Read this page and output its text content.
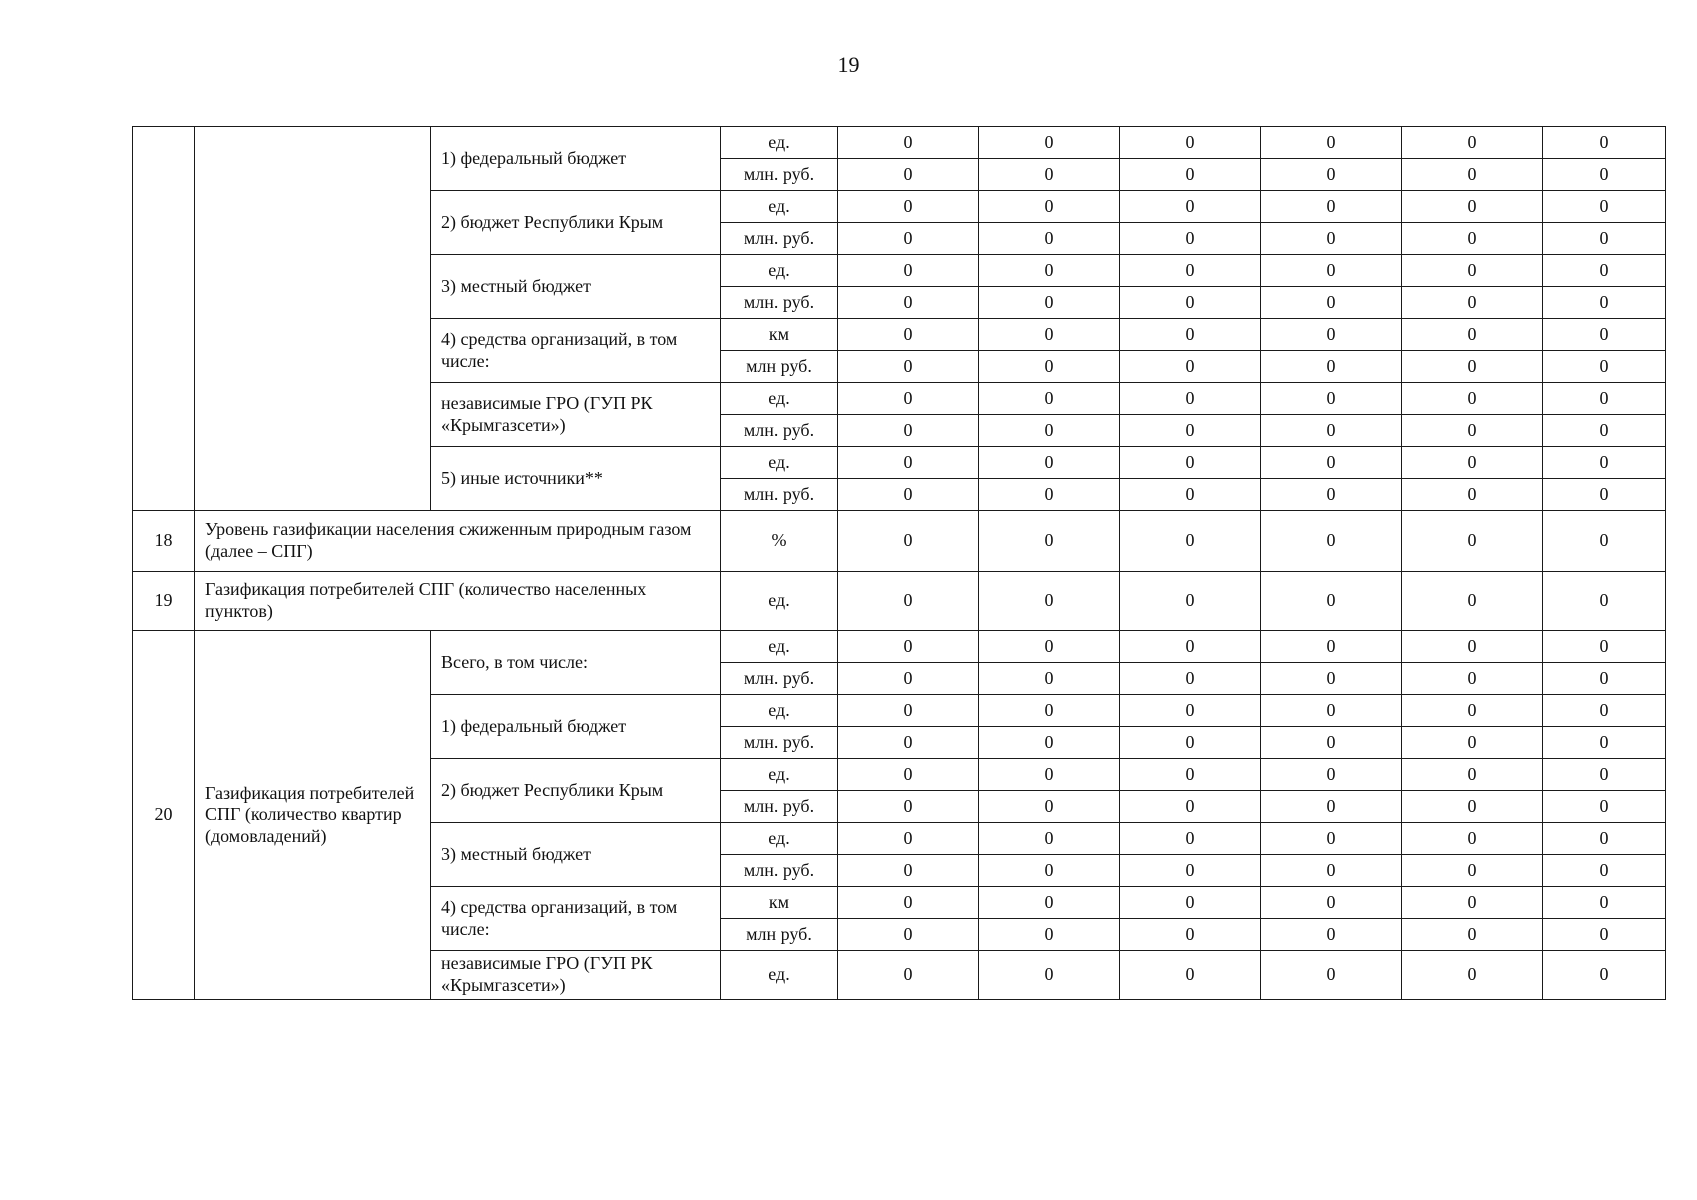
19
		1) федеральный бюджет	ед.	0	0	0	0	0	0
			млн. руб.	0	0	0	0	0	0
		2) бюджет Республики Крым	ед.	0	0	0	0	0	0
			млн. руб.	0	0	0	0	0	0
		3) местный бюджет	ед.	0	0	0	0	0	0
			млн. руб.	0	0	0	0	0	0
		4) средства организаций, в том числе:	км	0	0	0	0	0	0
			млн руб.	0	0	0	0	0	0
		независимые ГРО (ГУП РК «Крымгазсети»)	ед.	0	0	0	0	0	0
			млн. руб.	0	0	0	0	0	0
		5) иные источники**	ед.	0	0	0	0	0	0
			млн. руб.	0	0	0	0	0	0
18	Уровень газификации населения сжиженным природным газом (далее – СПГ)		%	0	0	0	0	0	0
19	Газификация потребителей СПГ (количество населенных пунктов)		ед.	0	0	0	0	0	0
20	Газификация потребителей СПГ (количество квартир (домовладений)	Всего, в том числе:	ед.	0	0	0	0	0	0
			млн. руб.	0	0	0	0	0	0
		1) федеральный бюджет	ед.	0	0	0	0	0	0
			млн. руб.	0	0	0	0	0	0
		2) бюджет Республики Крым	ед.	0	0	0	0	0	0
			млн. руб.	0	0	0	0	0	0
		3) местный бюджет	ед.	0	0	0	0	0	0
			млн. руб.	0	0	0	0	0	0
		4) средства организаций, в том числе:	км	0	0	0	0	0	0
			млн руб.	0	0	0	0	0	0
		независимые ГРО (ГУП РК «Крымгазсети»)	ед.	0	0	0	0	0	0
